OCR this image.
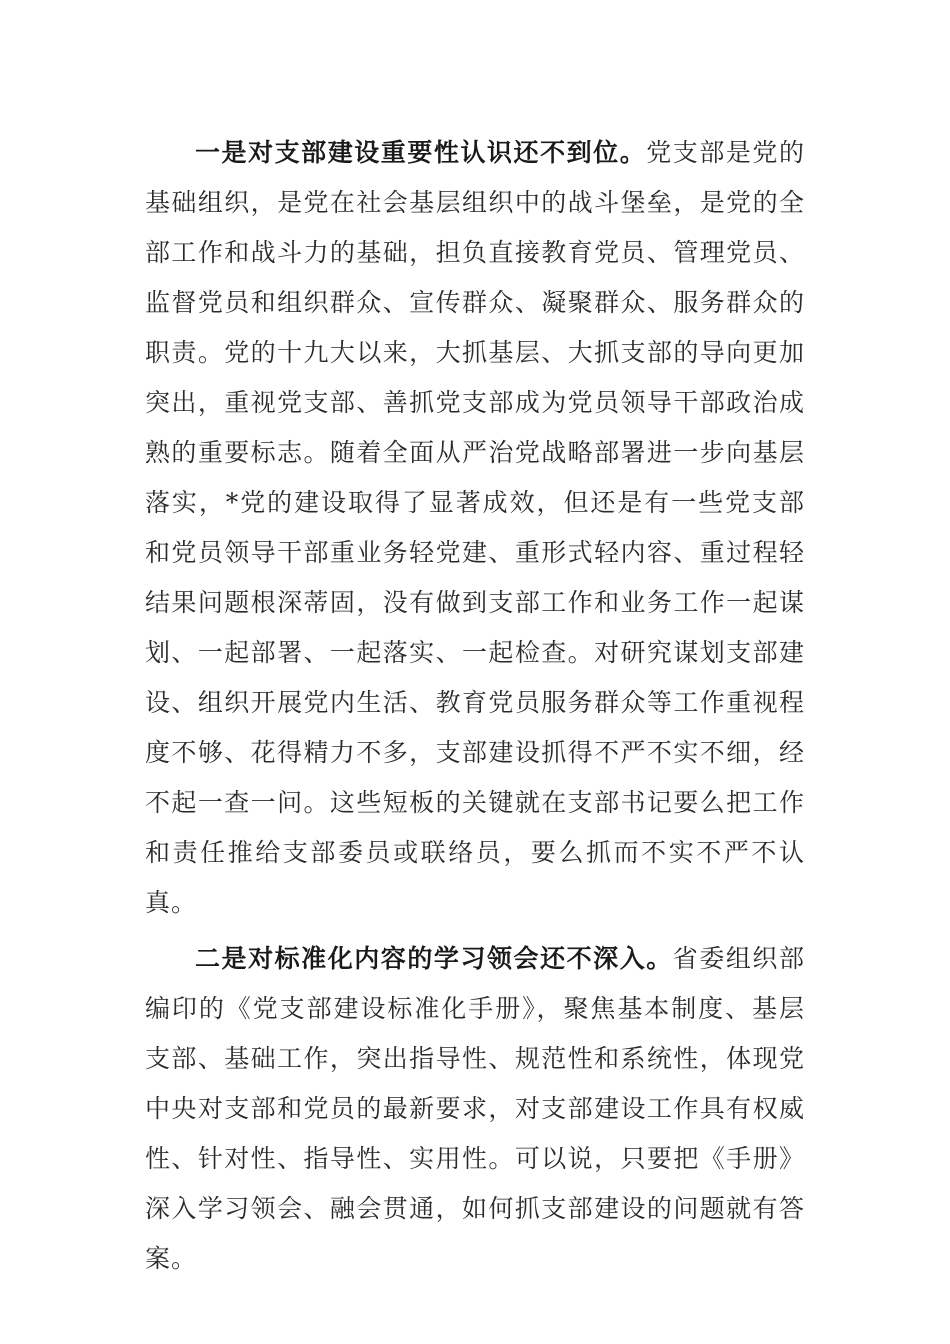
一是对支部建设重要性认识还不到位。党支部是党的基础组织，是党在社会基层组织中的战斗堡垒，是党的全部工作和战斗力的基础，担负直接教育党员、管理党员、监督党员和组织群众、宣传群众、凝聚群众、服务群众的职责。党的十九大以来，大抓基层、大抓支部的导向更加突出，重视党支部、善抓党支部成为党员领导干部政治成熟的重要标志。随着全面从严治党战略部署进一步向基层落实，*党的建设取得了显著成效，但还是有一些党支部和党员领导干部重业务轻党建、重形式轻内容、重过程轻结果问题根深蒂固，没有做到支部工作和业务工作一起谋划、一起部署、一起落实、一起检查。对研究谋划支部建设、组织开展党内生活、教育党员服务群众等工作重视程度不够、花得精力不多，支部建设抓得不严不实不细，经不起一查一问。这些短板的关键就在支部书记要么把工作和责任推给支部委员或联络员，要么抓而不实不严不认真。

二是对标准化内容的学习领会还不深入。省委组织部编印的《党支部建设标准化手册》，聚焦基本制度、基层支部、基础工作，突出指导性、规范性和系统性，体现党中央对支部和党员的最新要求，对支部建设工作具有权威性、针对性、指导性、实用性。可以说，只要把《手册》深入学习领会、融会贯通，如何抓支部建设的问题就有答案。
